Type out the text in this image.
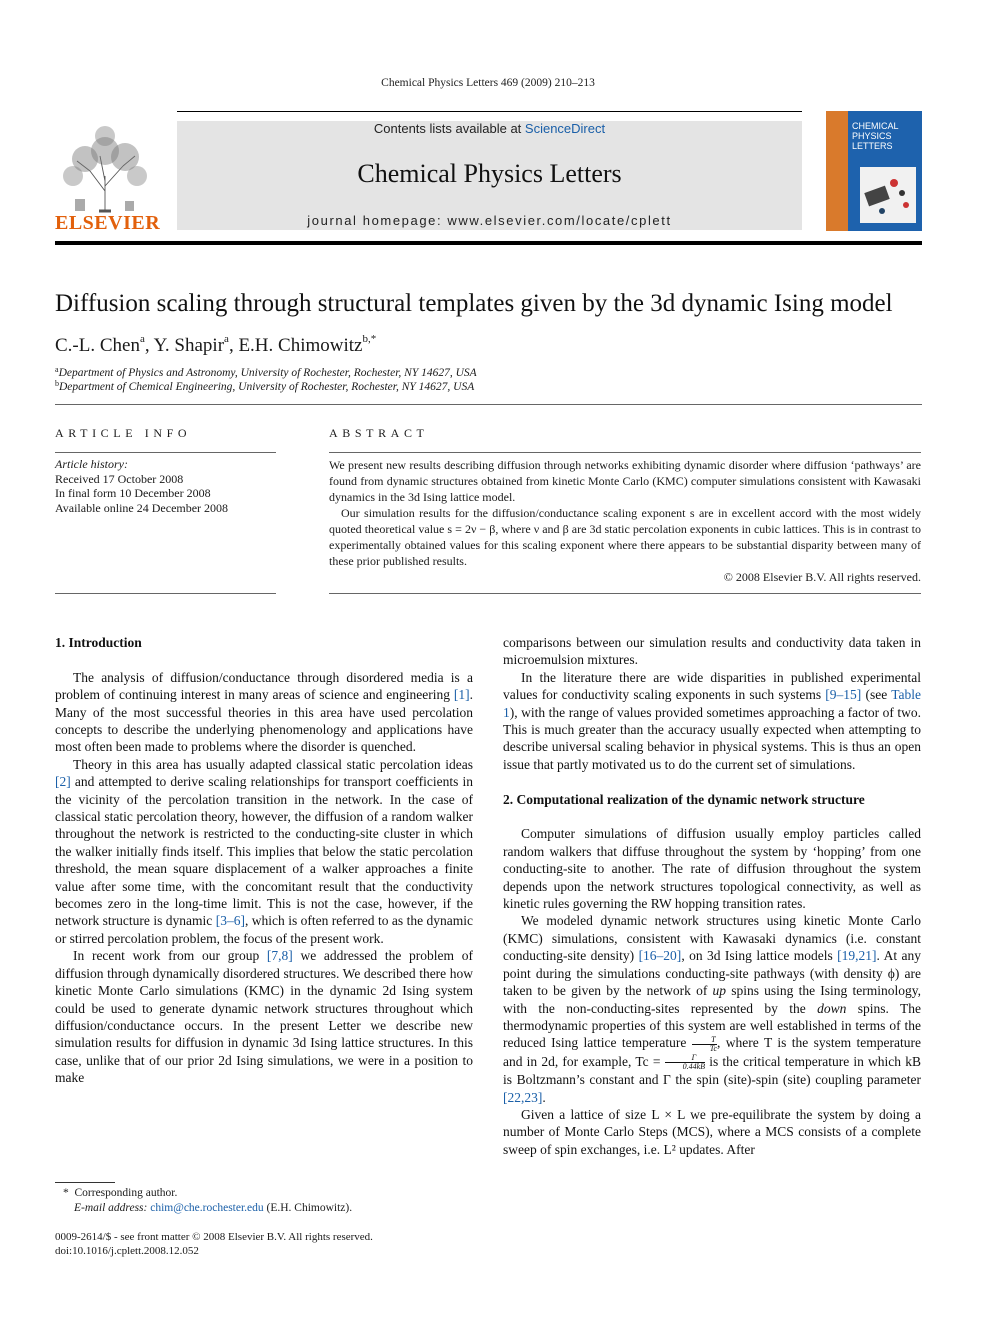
Chemical Physics Letters 469 (2009) 210–213
ELSEVIER
Contents lists available at ScienceDirect
Chemical Physics Letters
journal homepage: www.elsevier.com/locate/cplett
CHEMICAL
PHYSICS
LETTERS
Diffusion scaling through structural templates given by the 3d dynamic Ising model
C.-L. Chen$^a$, Y. Shapir$^a$, E.H. Chimowitz$^{b,*}$
$^a$Department of Physics and Astronomy, University of Rochester, Rochester, NY 14627, USA
$^b$Department of Chemical Engineering, University of Rochester, Rochester, NY 14627, USA
ARTICLE INFO
Article history:
Received 17 October 2008
In final form 10 December 2008
Available online 24 December 2008
ABSTRACT

We present new results describing diffusion through networks exhibiting dynamic disorder where diffusion ‘pathways’ are found from dynamic structures obtained from kinetic Monte Carlo (KMC) computer simulations consistent with Kawasaki dynamics in the 3d Ising lattice model.

Our simulation results for the diffusion/conductance scaling exponent s are in excellent accord with the most widely quoted theoretical value s = 2ν − β, where ν and β are 3d static percolation exponents in cubic lattices. This is in contrast to experimentally obtained values for this scaling exponent where there appears to be substantial disparity between many of these prior published results.

© 2008 Elsevier B.V. All rights reserved.

1. Introduction

The analysis of diffusion/conductance through disordered media is a problem of continuing interest in many areas of science and engineering [1]. Many of the most successful theories in this area have used percolation concepts to describe the underlying phenomenology and applications have most often been made to problems where the disorder is quenched.

Theory in this area has usually adapted classical static percolation ideas [2] and attempted to derive scaling relationships for transport coefficients in the vicinity of the percolation transition in the network. In the case of classical static percolation theory, however, the diffusion of a random walker throughout the network is restricted to the conducting-site cluster in which the walker initially finds itself. This implies that below the static percolation threshold, the mean square displacement of a walker approaches a finite value after some time, with the concomitant result that the conductivity becomes zero in the long-time limit. This is not the case, however, if the network structure is dynamic [3–6], which is often referred to as the dynamic or stirred percolation problem, the focus of the present work.

In recent work from our group [7,8] we addressed the problem of diffusion through dynamically disordered structures. We described there how kinetic Monte Carlo simulations (KMC) in the dynamic 2d Ising system could be used to generate dynamic network structures throughout which diffusion/conductance occurs. In the present Letter we describe new simulation results for diffusion in dynamic 3d Ising lattice structures. In this case, unlike that of our prior 2d Ising simulations, we were in a position to make

comparisons between our simulation results and conductivity data taken in microemulsion mixtures.

In the literature there are wide disparities in published experimental values for conductivity scaling exponents in such systems [9–15] (see Table 1), with the range of values provided sometimes approaching a factor of two. This is much greater than the accuracy usually expected when attempting to describe universal scaling behavior in physical systems. This is thus an open issue that partly motivated us to do the current set of simulations.

2. Computational realization of the dynamic network structure

Computer simulations of diffusion usually employ particles called random walkers that diffuse throughout the system by ‘hopping’ from one conducting-site to another. The rate of diffusion throughout the system depends upon the network structures topological connectivity, as well as kinetic rules governing the RW hopping transition rates.

We modeled dynamic network structures using kinetic Monte Carlo (KMC) simulations, consistent with Kawasaki dynamics (i.e. constant conducting-site density) [16–20], on 3d Ising lattice models [19,21]. At any point during the simulations conducting-site pathways (with density ϕ) are taken to be given by the network of up spins using the Ising terminology, with the non-conducting-sites represented by the down spins. The thermodynamic properties of this system are well established in terms of the reduced Ising lattice temperature $\frac{T}{Tc}$ , where T is the system temperature and in 2d, for example, $Tc = \frac{\Gamma}{0.44kB}$ is the critical temperature in which kB is Boltzmann’s constant and Γ the spin (site)-spin (site) coupling parameter [22,23].

Given a lattice of size L × L we pre-equilibrate the system by doing a number of Monte Carlo Steps (MCS), where a MCS consists of a complete sweep of spin exchanges, i.e. L² updates. After

* Corresponding author.
E-mail address: chim@che.rochester.edu (E.H. Chimowitz).
0009-2614/$ - see front matter © 2008 Elsevier B.V. All rights reserved.
doi:10.1016/j.cplett.2008.12.052
